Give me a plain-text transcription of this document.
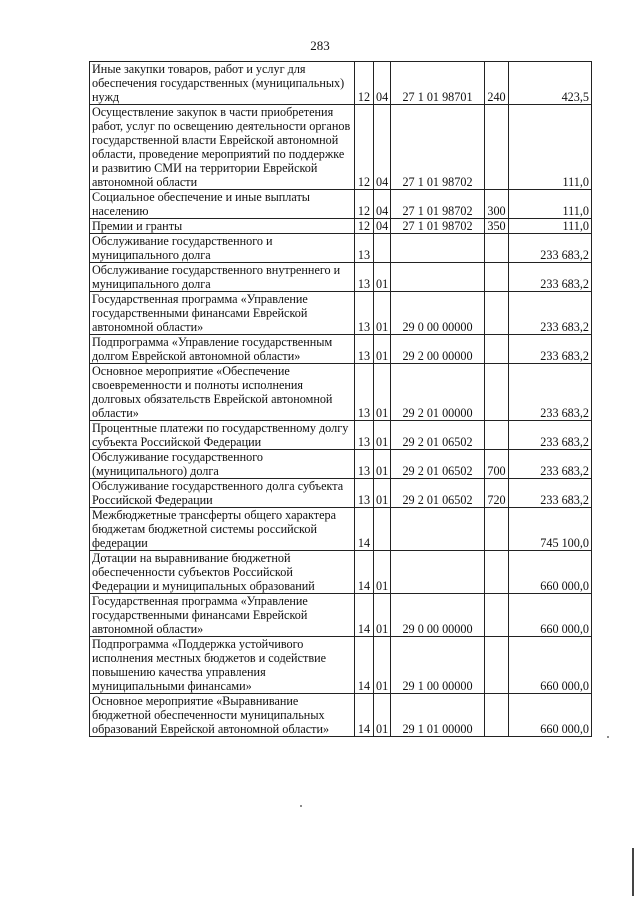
283
Иные закупки товаров, работ и услуг для обеспечения государственных (муниципальных) нужд	12	04	27 1 01 98701	240	423,5
Осуществление закупок в части приобретения работ, услуг по освещению деятельности органов государственной власти Еврейской автономной области, проведение мероприятий по поддержке и развитию СМИ на территории Еврейской автономной области	12	04	27 1 01 98702		111,0
Социальное обеспечение и иные выплаты населению	12	04	27 1 01 98702	300	111,0
Премии и гранты	12	04	27 1 01 98702	350	111,0
Обслуживание государственного и муниципального долга	13				233 683,2
Обслуживание государственного внутреннего и муниципального долга	13	01			233 683,2
Государственная программа «Управление государственными финансами Еврейской автономной области»	13	01	29 0 00 00000		233 683,2
Подпрограмма «Управление государственным долгом Еврейской автономной области»	13	01	29 2 00 00000		233 683,2
Основное мероприятие «Обеспечение своевременности и полноты исполнения долговых обязательств Еврейской автономной области»	13	01	29 2 01 00000		233 683,2
Процентные платежи по государственному долгу субъекта Российской Федерации	13	01	29 2 01 06502		233 683,2
Обслуживание государственного (муниципального) долга	13	01	29 2 01 06502	700	233 683,2
Обслуживание государственного долга субъекта Российской Федерации	13	01	29 2 01 06502	720	233 683,2
Межбюджетные трансферты общего характера бюджетам бюджетной системы российской федерации	14				745 100,0
Дотации на выравнивание бюджетной обеспеченности субъектов Российской Федерации и муниципальных образований	14	01			660 000,0
Государственная программа «Управление государственными финансами Еврейской автономной области»	14	01	29 0 00 00000		660 000,0
Подпрограмма «Поддержка устойчивого исполнения местных бюджетов и содействие повышению качества управления муниципальными финансами»	14	01	29 1 00 00000		660 000,0
Основное мероприятие «Выравнивание бюджетной обеспеченности муниципальных образований Еврейской автономной области»	14	01	29 1 01 00000		660 000,0
